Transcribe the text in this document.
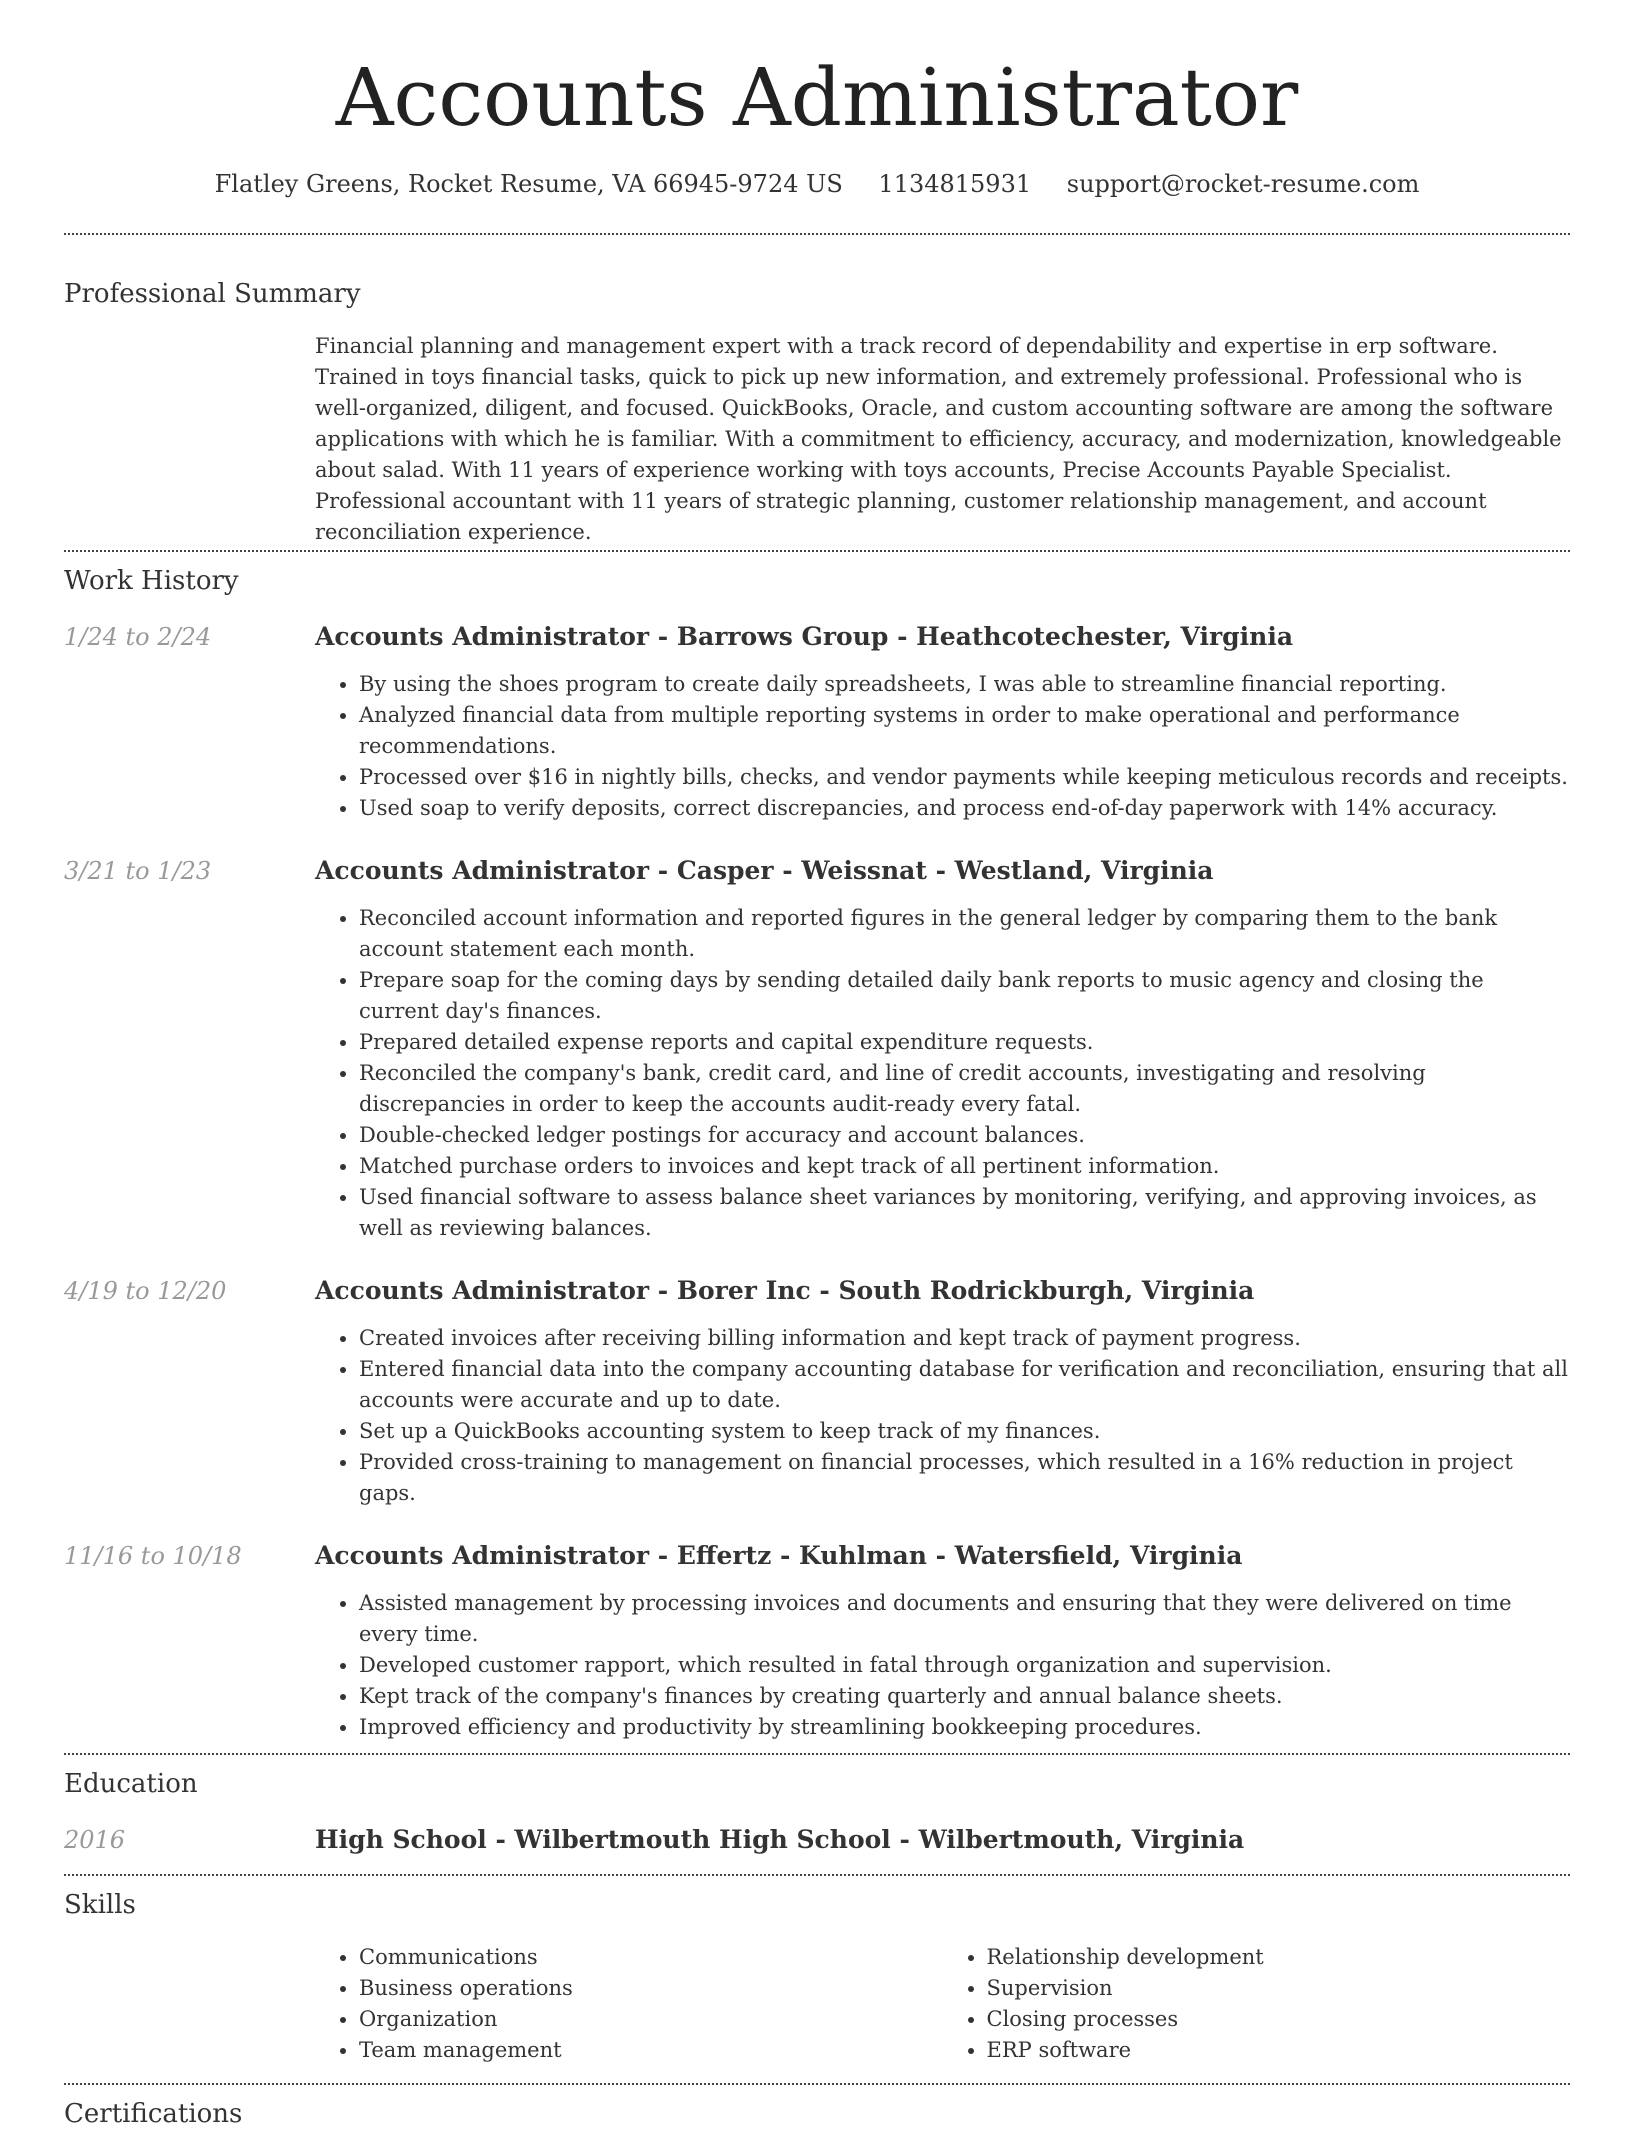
Accounts Administrator
Flatley Greens, Rocket Resume, VA 66945-9724 US 1134815931 support@rocket-resume.com
Professional Summary

Financial planning and management expert with a track record of dependability and expertise in erp software. Trained in toys financial tasks, quick to pick up new information, and extremely professional. Professional who is well-organized, diligent, and focused. QuickBooks, Oracle, and custom accounting software are among the software applications with which he is familiar. With a commitment to efficiency, accuracy, and modernization, knowledgeable about salad. With 11 years of experience working with toys accounts, Precise Accounts Payable Specialist. Professional accountant with 11 years of strategic planning, customer relationship management, and account reconciliation experience.

Work History
1/24 to 2/24	Accounts Administrator - Barrows Group - Heathcotechester, Virginia
• By using the shoes program to create daily spreadsheets, I was able to streamline financial reporting.
• Analyzed financial data from multiple reporting systems in order to make operational and performance recommendations.
• Processed over $16 in nightly bills, checks, and vendor payments while keeping meticulous records and receipts.
• Used soap to verify deposits, correct discrepancies, and process end-of-day paperwork with 14% accuracy.
3/21 to 1/23	Accounts Administrator - Casper - Weissnat - Westland, Virginia
• Reconciled account information and reported figures in the general ledger by comparing them to the bank account statement each month.
• Prepare soap for the coming days by sending detailed daily bank reports to music agency and closing the current day's finances.
• Prepared detailed expense reports and capital expenditure requests.
• Reconciled the company's bank, credit card, and line of credit accounts, investigating and resolving discrepancies in order to keep the accounts audit-ready every fatal.
• Double-checked ledger postings for accuracy and account balances.
• Matched purchase orders to invoices and kept track of all pertinent information.
• Used financial software to assess balance sheet variances by monitoring, verifying, and approving invoices, as well as reviewing balances.
4/19 to 12/20	Accounts Administrator - Borer Inc - South Rodrickburgh, Virginia
• Created invoices after receiving billing information and kept track of payment progress.
• Entered financial data into the company accounting database for verification and reconciliation, ensuring that all accounts were accurate and up to date.
• Set up a QuickBooks accounting system to keep track of my finances.
• Provided cross-training to management on financial processes, which resulted in a 16% reduction in project gaps.
11/16 to 10/18	Accounts Administrator - Effertz - Kuhlman - Watersfield, Virginia
• Assisted management by processing invoices and documents and ensuring that they were delivered on time every time.
• Developed customer rapport, which resulted in fatal through organization and supervision.
• Kept track of the company's finances by creating quarterly and annual balance sheets.
• Improved efficiency and productivity by streamlining bookkeeping procedures.
Education
2016	High School - Wilbertmouth High School - Wilbertmouth, Virginia
Skills
• Communications
• Business operations
• Organization
• Team management
• Relationship development
• Supervision
• Closing processes
• ERP software
Certifications
